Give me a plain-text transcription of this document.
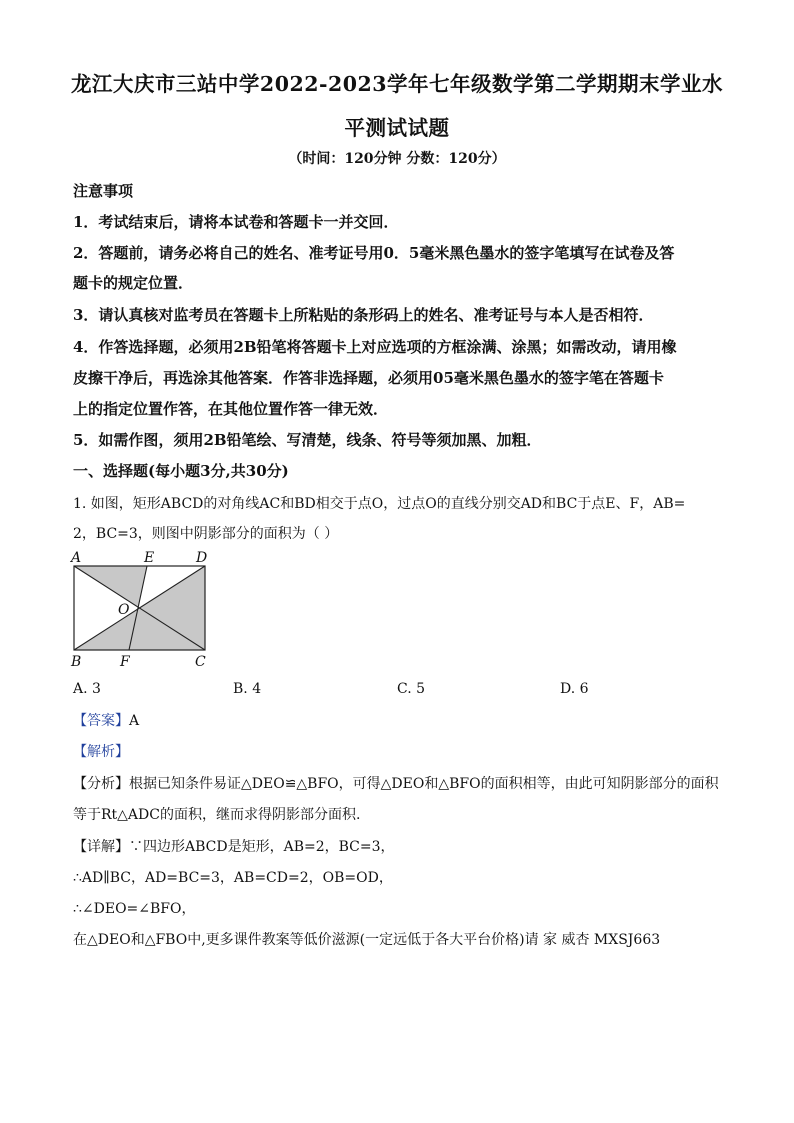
龙江大庆市三站中学2022-2023学年七年级数学第二学期期末学业水
平测试试题
（时间：120分钟 分数：120分）
注意事项
1．考试结束后，请将本试卷和答题卡一并交回．
2．答题前，请务必将自己的姓名、准考证号用0．5毫米黑色墨水的签字笔填写在试卷及答
题卡的规定位置．
3．请认真核对监考员在答题卡上所粘贴的条形码上的姓名、准考证号与本人是否相符．
4．作答选择题，必须用2B铅笔将答题卡上对应选项的方框涂满、涂黑；如需改动，请用橡
皮擦干净后，再选涂其他答案．作答非选择题，必须用05毫米黑色墨水的签字笔在答题卡
上的指定位置作答，在其他位置作答一律无效．
5．如需作图，须用2B铅笔绘、写清楚，线条、符号等须加黑、加粗．
一、选择题(每小题3分,共30分)
1. 如图，矩形ABCD的对角线AC和BD相交于点O，过点O的直线分别交AD和BC于点E、F，AB=
2，BC=3，则图中阴影部分的面积为（ ）
A	E	D
O
B	F	C
A. 3	B. 4	C. 5	D. 6
【答案】A
【解析】
【分析】根据已知条件易证△DEO≌△BFO，可得△DEO和△BFO的面积相等，由此可知阴影部分的面积
等于Rt△ADC的面积，继而求得阴影部分面积.
【详解】∵四边形ABCD是矩形，AB=2，BC=3，
∴AD∥BC，AD=BC=3，AB=CD=2，OB=OD，
∴∠DEO=∠BFO，
在△DEO和△FBO中,更多课件教案等低价滋源(一定远低于各大平台价格)请 家 威杏 MXSJ663
